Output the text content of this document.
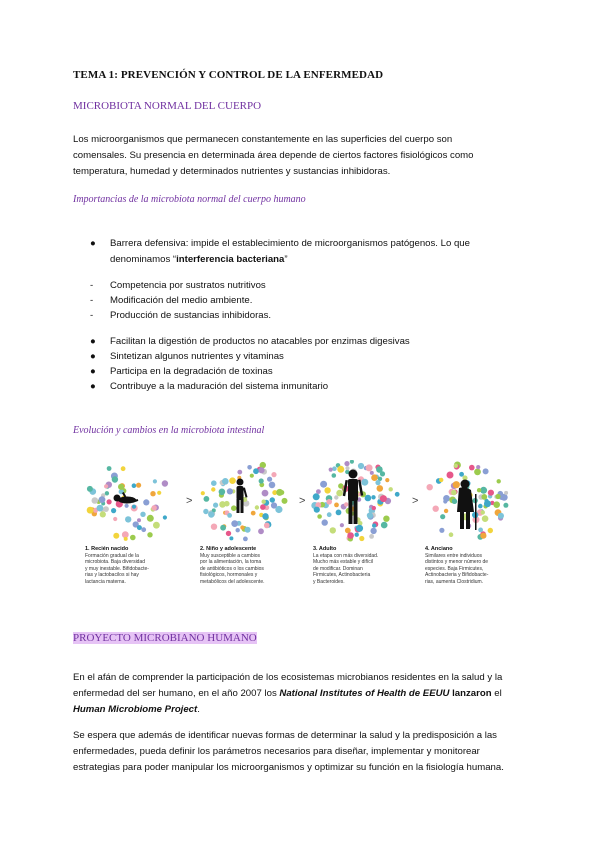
TEMA 1: PREVENCIÓN Y CONTROL DE LA ENFERMEDAD
MICROBIOTA NORMAL DEL CUERPO
Los microorganismos que permanecen constantemente en las superficies del cuerpo son
comensales. Su presencia en determinada área depende de ciertos factores fisiológicos como
temperatura, humedad y determinados nutrientes y sustancias inhibidoras.
Importancias de la microbiota normal del cuerpo humano
● Barrera defensiva: impide el establecimiento de microorganismos patógenos. Lo que
denominamos “interferencia bacteriana”
- Competencia por sustratos nutritivos
- Modificación del medio ambiente.
- Producción de sustancias inhibidoras.
● Facilitan la digestión de productos no atacables por enzimas digesivas
● Sintetizan algunos nutrientes y vitaminas
● Participa en la degradación de toxinas
● Contribuye a la maduración del sistema inmunitario
Evolución y cambios en la microbiota intestinal
>	>	>
1. Recién nacido
Formación gradual de la
microbiota. Baja diversidad
y muy inestable. Bifidobacte-
rias y lactobacilos si hay
lactancia materna.
2. Niño y adolescente
Muy susceptible a cambios
por la alimentación, la toma
de antibióticos o los cambios
fisiológicos, hormonales y
metabólicos del adolescente.
3. Adulto
La etapa con más diversidad.
Mucho más estable y difícil
de modificar. Dominan
Firmicutes, Actinobacteria
y Bacteroides.
4. Anciano
Similares entre individuos
distintos y menor número de
especies. Baja Firmicutes,
Actinobacteria y Bifidobacte-
rias, aumenta Clostridium.
PROYECTO MICROBIANO HUMANO
En el afán de comprender la participación de los ecosistemas microbianos residentes en la salud y la
enfermedad del ser humano, en el año 2007 los National Institutes of Health de EEUU lanzaron el
Human Microbiome Project.
Se espera que además de identificar nuevas formas de determinar la salud y la predisposición a las
enfermedades, pueda definir los parámetros necesarios para diseñar, implementar y monitorear
estrategias para poder manipular los microorganismos y optimizar su función en la fisiología humana.
